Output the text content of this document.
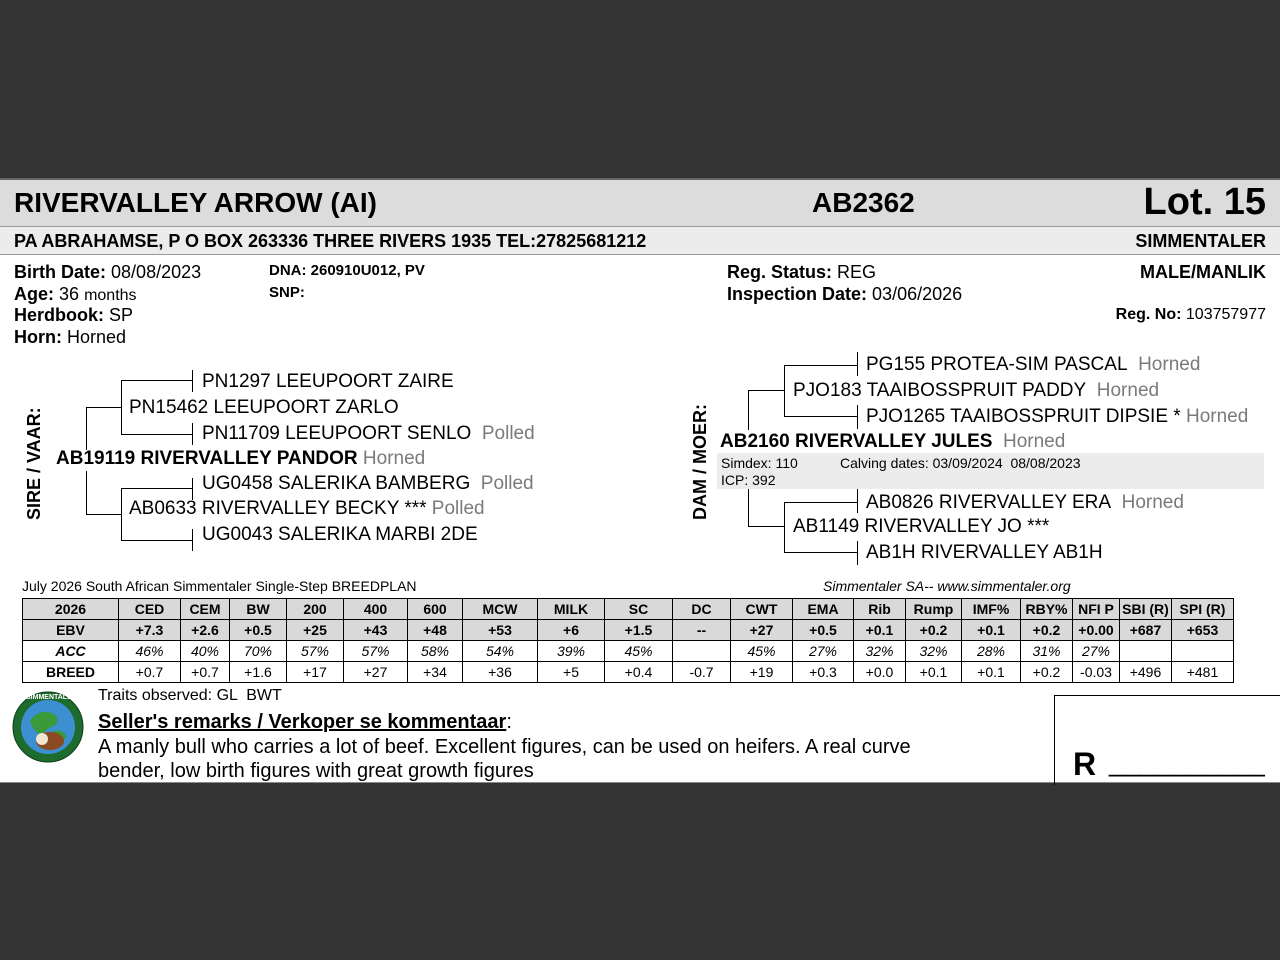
RIVERVALLEY ARROW (AI)	AB2362	Lot. 15
PA ABRAHAMSE, P O BOX 263336 THREE RIVERS 1935 TEL:27825681212	SIMMENTALER
Birth Date: 08/08/2023
Age: 36 months
Herdbook: SP
Horn: Horned
DNA: 260910U012, PV
SNP:
Reg. Status: REG
Inspection Date: 03/06/2026
MALE/MANLIK
Reg. No: 103757977
SIRE / VAAR:
PN1297 LEEUPOORT ZAIRE
PN15462 LEEUPOORT ZARLO
PN11709 LEEUPOORT SENLO Polled
AB19119 RIVERVALLEY PANDOR Horned
UG0458 SALERIKA BAMBERG Polled
AB0633 RIVERVALLEY BECKY *** Polled
UG0043 SALERIKA MARBI 2DE
DAM / MOER:
PG155 PROTEA-SIM PASCAL Horned
PJO183 TAAIBOSSPRUIT PADDY Horned
PJO1265 TAAIBOSSPRUIT DIPSIE * Horned
AB2160 RIVERVALLEY JULES Horned
Simdex: 110
ICP: 392
Calving dates: 03/09/2024  08/08/2023
AB0826 RIVERVALLEY ERA Horned
AB1149 RIVERVALLEY JO ***
AB1H RIVERVALLEY AB1H
July 2026 South African Simmentaler Single-Step BREEDPLAN	Simmentaler SA-- www.simmentaler.org
2026	CED	CEM	BW	200	400	600	MCW	MILK	SC	DC	CWT	EMA	Rib	Rump	IMF%	RBY%	NFI P	SBI (R)	SPI (R)
EBV	+7.3	+2.6	+0.5	+25	+43	+48	+53	+6	+1.5	--	+27	+0.5	+0.1	+0.2	+0.1	+0.2	+0.00	+687	+653
ACC	46%	40%	70%	57%	57%	58%	54%	39%	45%		45%	27%	32%	32%	28%	31%	27%		
BREED	+0.7	+0.7	+1.6	+17	+27	+34	+36	+5	+0.4	-0.7	+19	+0.3	+0.0	+0.1	+0.1	+0.2	-0.03	+496	+481
SIMMENTALER Traits observed: GL  BWT
Seller's remarks / Verkoper se kommentaar:
A manly bull who carries a lot of beef. Excellent figures, can be used on heifers. A real curve
bender, low birth figures with great growth figures	R __________
